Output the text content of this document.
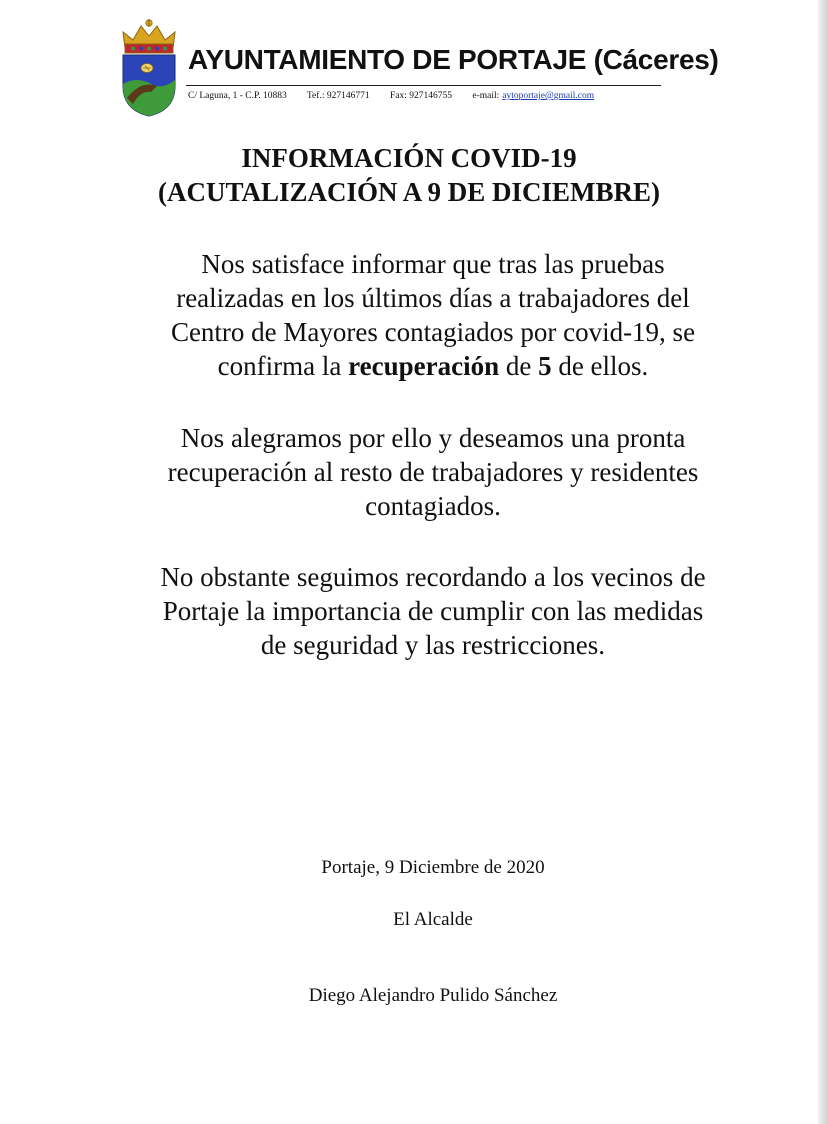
AYUNTAMIENTO DE PORTAJE (Cáceres)
C/ Laguna, 1 - C.P. 10883 Tef.: 927146771 Fax: 927146755 e-mail: aytoportaje@gmail.com
INFORMACIÓN COVID-19
(ACUTALIZACIÓN A 9 DE DICIEMBRE)
Nos satisface informar que tras las pruebas
realizadas en los últimos días a trabajadores del
Centro de Mayores contagiados por covid-19, se
confirma la recuperación de 5 de ellos.
Nos alegramos por ello y deseamos una pronta
recuperación al resto de trabajadores y residentes
contagiados.
No obstante seguimos recordando a los vecinos de
Portaje la importancia de cumplir con las medidas
de seguridad y las restricciones.
Portaje, 9 Diciembre de 2020
El Alcalde
Diego Alejandro Pulido Sánchez
